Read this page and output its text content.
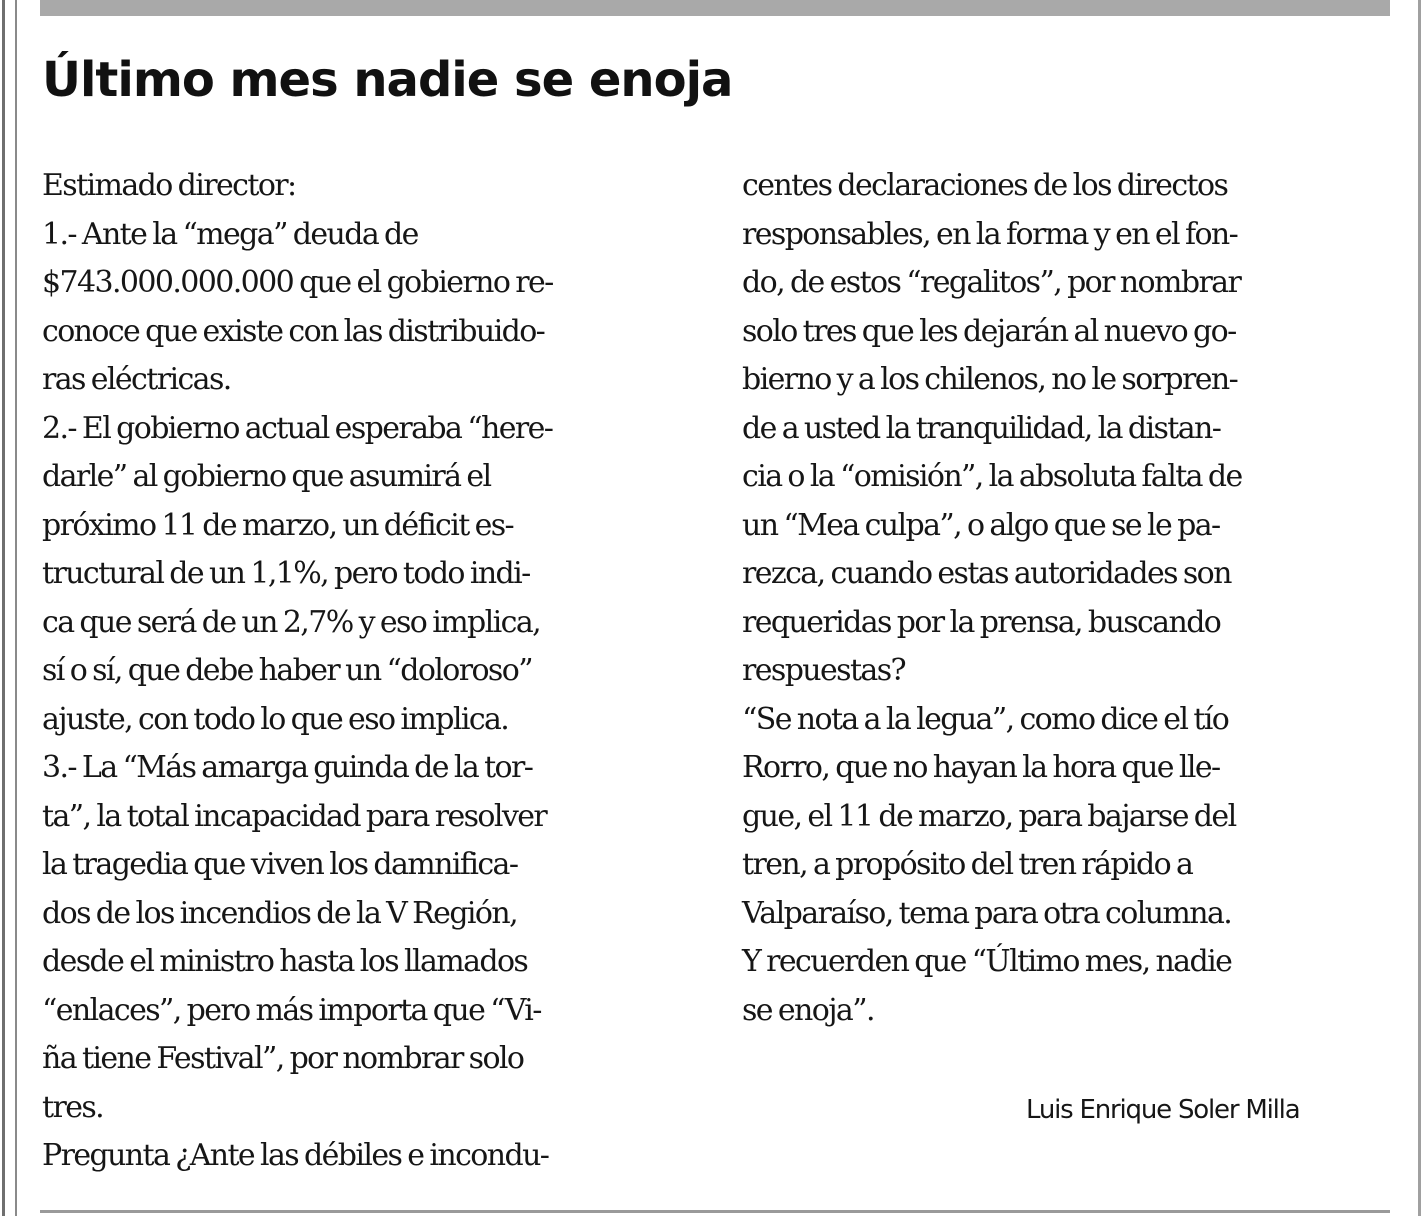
Último mes nadie se enoja
Estimado director:
1.- Ante la “mega” deuda de
$743.000.000.000 que el gobierno re-
conoce que existe con las distribuido-
ras eléctricas.
2.- El gobierno actual esperaba “here-
darle” al gobierno que asumirá el
próximo 11 de marzo, un déficit es-
tructural de un 1,1%, pero todo indi-
ca que será de un 2,7% y eso implica,
sí o sí, que debe haber un “doloroso”
ajuste, con todo lo que eso implica.
3.- La “Más amarga guinda de la tor-
ta”, la total incapacidad para resolver
la tragedia que viven los damnifica-
dos de los incendios de la V Región,
desde el ministro hasta los llamados
“enlaces”, pero más importa que “Vi-
ña tiene Festival”, por nombrar solo
tres.
Pregunta ¿Ante las débiles e incondu-
centes declaraciones de los directos
responsables, en la forma y en el fon-
do, de estos “regalitos”, por nombrar
solo tres que les dejarán al nuevo go-
bierno y a los chilenos, no le sorpren-
de a usted la tranquilidad, la distan-
cia o la “omisión”, la absoluta falta de
un “Mea culpa”, o algo que se le pa-
rezca, cuando estas autoridades son
requeridas por la prensa, buscando
respuestas?
“Se nota a la legua”, como dice el tío
Rorro, que no hayan la hora que lle-
gue, el 11 de marzo, para bajarse del
tren, a propósito del tren rápido a
Valparaíso, tema para otra columna.
Y recuerden que “Último mes, nadie
se enoja”.
Luis Enrique Soler Milla
